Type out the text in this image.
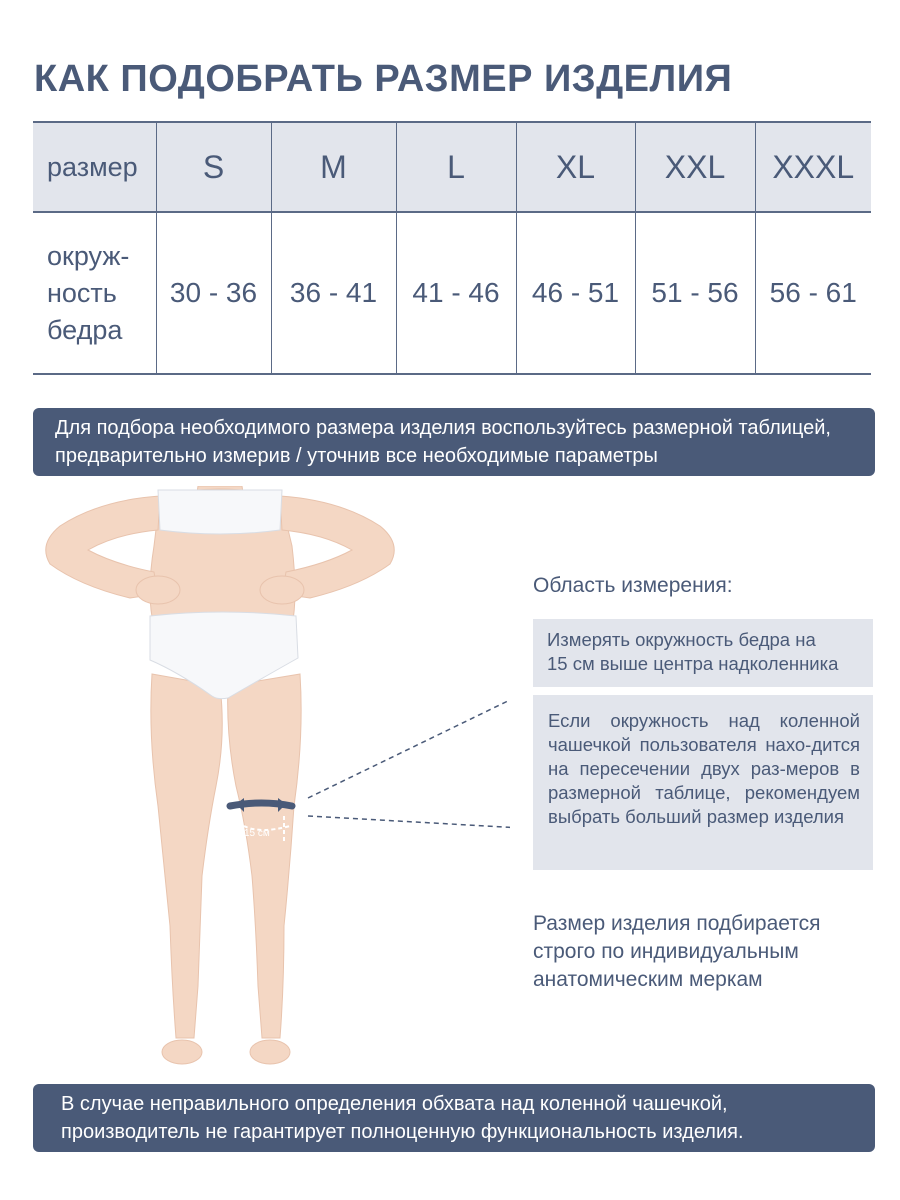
КАК ПОДОБРАТЬ РАЗМЕР ИЗДЕЛИЯ
размер	S	M	L	XL	XXL	XXXL

окруж-
ность
бедра	30 - 36	36 - 41	41 - 46	46 - 51	51 - 56	56 - 61
Для подбора необходимого размера изделия воспользуйтесь размерной таблицей,
предварительно измерив / уточнив все необходимые параметры
15 см
Область измерения:
Измерять окружность бедра на
15 см выше центра надколенника
Если окружность над коленной чашечкой пользователя нахо-дится на пересечении двух раз-меров в размерной таблице, рекомендуем выбрать больший размер изделия
Размер изделия подбирается
строго по индивидуальным
анатомическим меркам
В случае неправильного определения обхвата над коленной чашечкой,
производитель не гарантирует полноценную функциональность изделия.
